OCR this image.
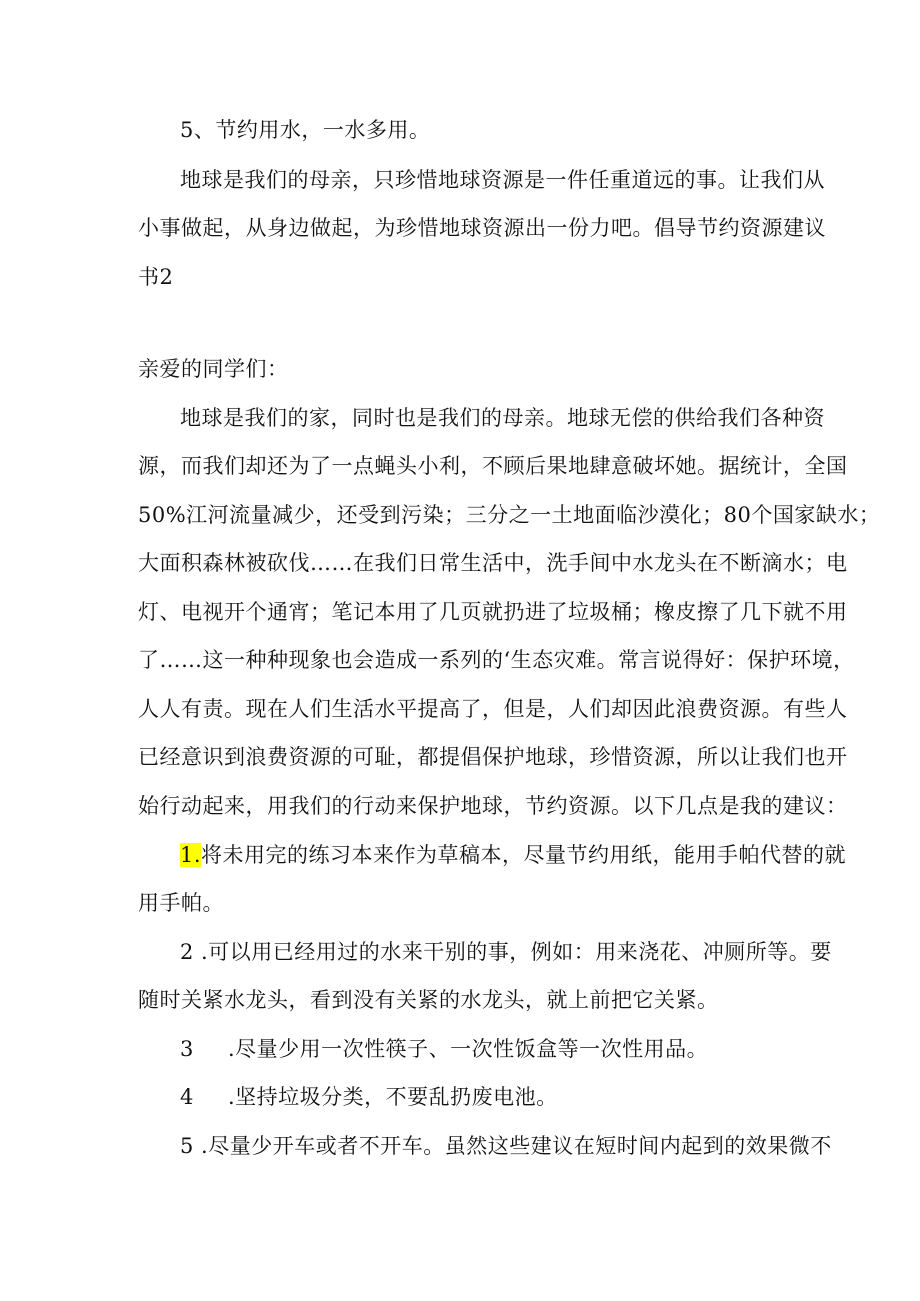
5、节约用水，一水多用。
地球是我们的母亲，只珍惜地球资源是一件任重道远的事。让我们从
小事做起，从身边做起，为珍惜地球资源出一份力吧。倡导节约资源建议
书2
亲爱的同学们：
地球是我们的家，同时也是我们的母亲。地球无偿的供给我们各种资
源，而我们却还为了一点蝇头小利，不顾后果地肆意破坏她。据统计，全国
50%江河流量减少，还受到污染；三分之一土地面临沙漠化；80个国家缺水；
大面积森林被砍伐……在我们日常生活中，洗手间中水龙头在不断滴水；电
灯、电视开个通宵；笔记本用了几页就扔进了垃圾桶；橡皮擦了几下就不用
了……这一种种现象也会造成一系列的‘生态灾难。常言说得好：保护环境，
人人有责。现在人们生活水平提高了，但是，人们却因此浪费资源。有些人
已经意识到浪费资源的可耻，都提倡保护地球，珍惜资源，所以让我们也开
始行动起来，用我们的行动来保护地球，节约资源。以下几点是我的建议：
1.将未用完的练习本来作为草稿本，尽量节约用纸，能用手帕代替的就
用手帕。
2 .可以用已经用过的水来干别的事，例如：用来浇花、冲厕所等。要
随时关紧水龙头，看到没有关紧的水龙头，就上前把它关紧。
3 .尽量少用一次性筷子、一次性饭盒等一次性用品。
4 .坚持垃圾分类，不要乱扔废电池。
5 .尽量少开车或者不开车。虽然这些建议在短时间内起到的效果微不
